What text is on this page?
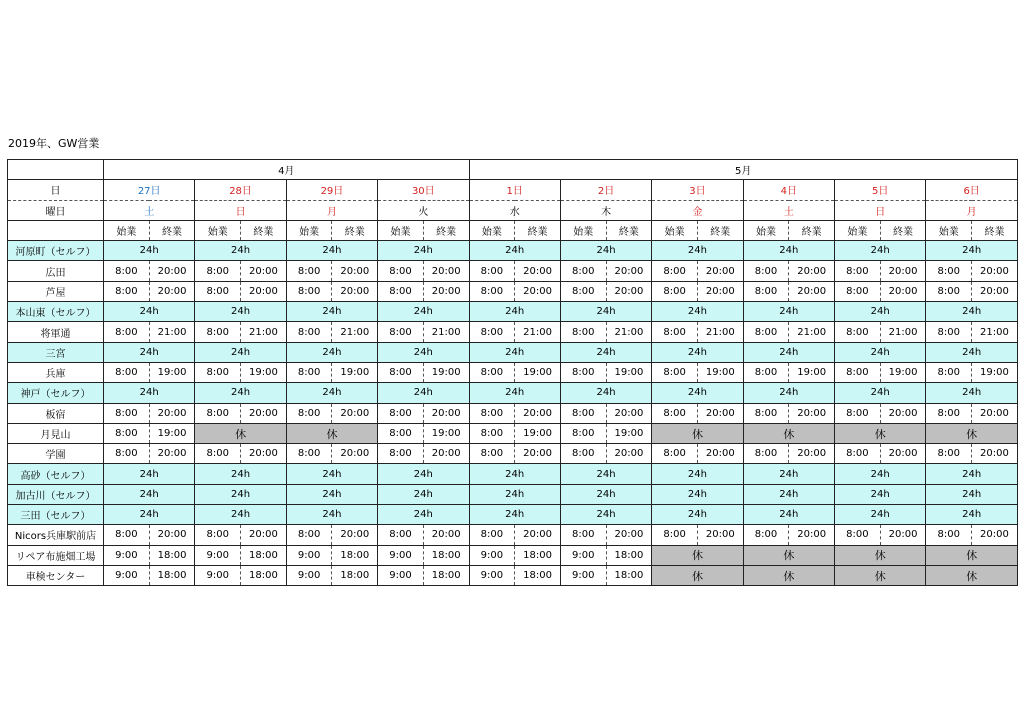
2019年、GW営業
	4月								5月											
日	27日		28日		29日		30日		1日		2日		3日		4日		5日		6日	
曜日	土		日		月		火		水		木		金		土		日		月	
	始業	終業	始業	終業	始業	終業	始業	終業	始業	終業	始業	終業	始業	終業	始業	終業	始業	終業	始業	終業
河原町（セルフ）	24h		24h		24h		24h		24h		24h		24h		24h		24h		24h	
広田	8:00	20:00	8:00	20:00	8:00	20:00	8:00	20:00	8:00	20:00	8:00	20:00	8:00	20:00	8:00	20:00	8:00	20:00	8:00	20:00
芦屋	8:00	20:00	8:00	20:00	8:00	20:00	8:00	20:00	8:00	20:00	8:00	20:00	8:00	20:00	8:00	20:00	8:00	20:00	8:00	20:00
本山東（セルフ）	24h		24h		24h		24h		24h		24h		24h		24h		24h		24h	
将軍通	8:00	21:00	8:00	21:00	8:00	21:00	8:00	21:00	8:00	21:00	8:00	21:00	8:00	21:00	8:00	21:00	8:00	21:00	8:00	21:00
三宮	24h		24h		24h		24h		24h		24h		24h		24h		24h		24h	
兵庫	8:00	19:00	8:00	19:00	8:00	19:00	8:00	19:00	8:00	19:00	8:00	19:00	8:00	19:00	8:00	19:00	8:00	19:00	8:00	19:00
神戸（セルフ）	24h		24h		24h		24h		24h		24h		24h		24h		24h		24h	
板宿	8:00	20:00	8:00	20:00	8:00	20:00	8:00	20:00	8:00	20:00	8:00	20:00	8:00	20:00	8:00	20:00	8:00	20:00	8:00	20:00
月見山	8:00	19:00	休		休		8:00	19:00	8:00	19:00	8:00	19:00	休		休		休		休	
学園	8:00	20:00	8:00	20:00	8:00	20:00	8:00	20:00	8:00	20:00	8:00	20:00	8:00	20:00	8:00	20:00	8:00	20:00	8:00	20:00
高砂（セルフ）	24h		24h		24h		24h		24h		24h		24h		24h		24h		24h	
加古川（セルフ）	24h		24h		24h		24h		24h		24h		24h		24h		24h		24h	
三田（セルフ）	24h		24h		24h		24h		24h		24h		24h		24h		24h		24h	
Nicors兵庫駅前店	8:00	20:00	8:00	20:00	8:00	20:00	8:00	20:00	8:00	20:00	8:00	20:00	8:00	20:00	8:00	20:00	8:00	20:00	8:00	20:00
リペア布施畑工場	9:00	18:00	9:00	18:00	9:00	18:00	9:00	18:00	9:00	18:00	9:00	18:00	休		休		休		休	
車検センター	9:00	18:00	9:00	18:00	9:00	18:00	9:00	18:00	9:00	18:00	9:00	18:00	休		休		休		休	
